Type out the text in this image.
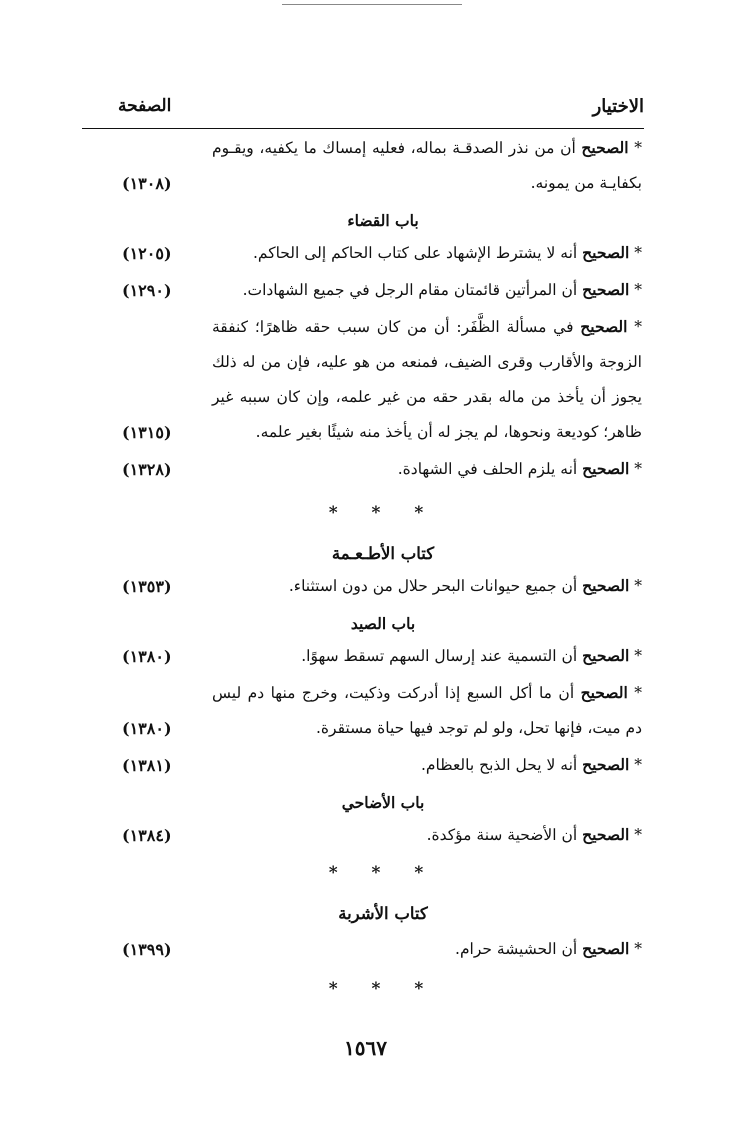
الاختيار
الصفحة
* الصحيح أن من نذر الصدقـة بماله، فعليه إمساك ما يكفيه، ويقـوم بكفايـة من يمونه.
(١٣٠٨)
باب القضاء
* الصحيح أنه لا يشترط الإشهاد على كتاب الحاكم إلى الحاكم.
(١٢٠٥)
* الصحيح أن المرأتين قائمتان مقام الرجل في جميع الشهادات.
(١٢٩٠)
* الصحيح في مسألة الظَّفَر: أن من كان سبب حقه ظاهرًا؛ كنفقة الزوجة والأقارب وقرى الضيف، فمنعه من هو عليه، فإن من له ذلك يجوز أن يأخذ من ماله بقدر حقه من غير علمه، وإن كان سببه غير ظاهر؛ كوديعة ونحوها، لم يجز له أن يأخذ منه شيئًا بغير علمه.
(١٣١٥)
* الصحيح أنه يلزم الحلف في الشهادة.
(١٣٢٨)
* * *
كتاب الأطـعـمة
* الصحيح أن جميع حيوانات البحر حلال من دون استثناء.
(١٣٥٣)
باب الصيد
* الصحيح أن التسمية عند إرسال السهم تسقط سهوًا.
(١٣٨٠)
* الصحيح أن ما أكل السبع إذا أدركت وذكيت، وخرج منها دم ليس دم ميت، فإنها تحل، ولو لم توجد فيها حياة مستقرة.
(١٣٨٠)
* الصحيح أنه لا يحل الذبح بالعظام.
(١٣٨١)
باب الأضاحي
* الصحيح أن الأضحية سنة مؤكدة.
(١٣٨٤)
* * *
كتاب الأشربة
* الصحيح أن الحشيشة حرام.
(١٣٩٩)
* * *
١٥٦٧
